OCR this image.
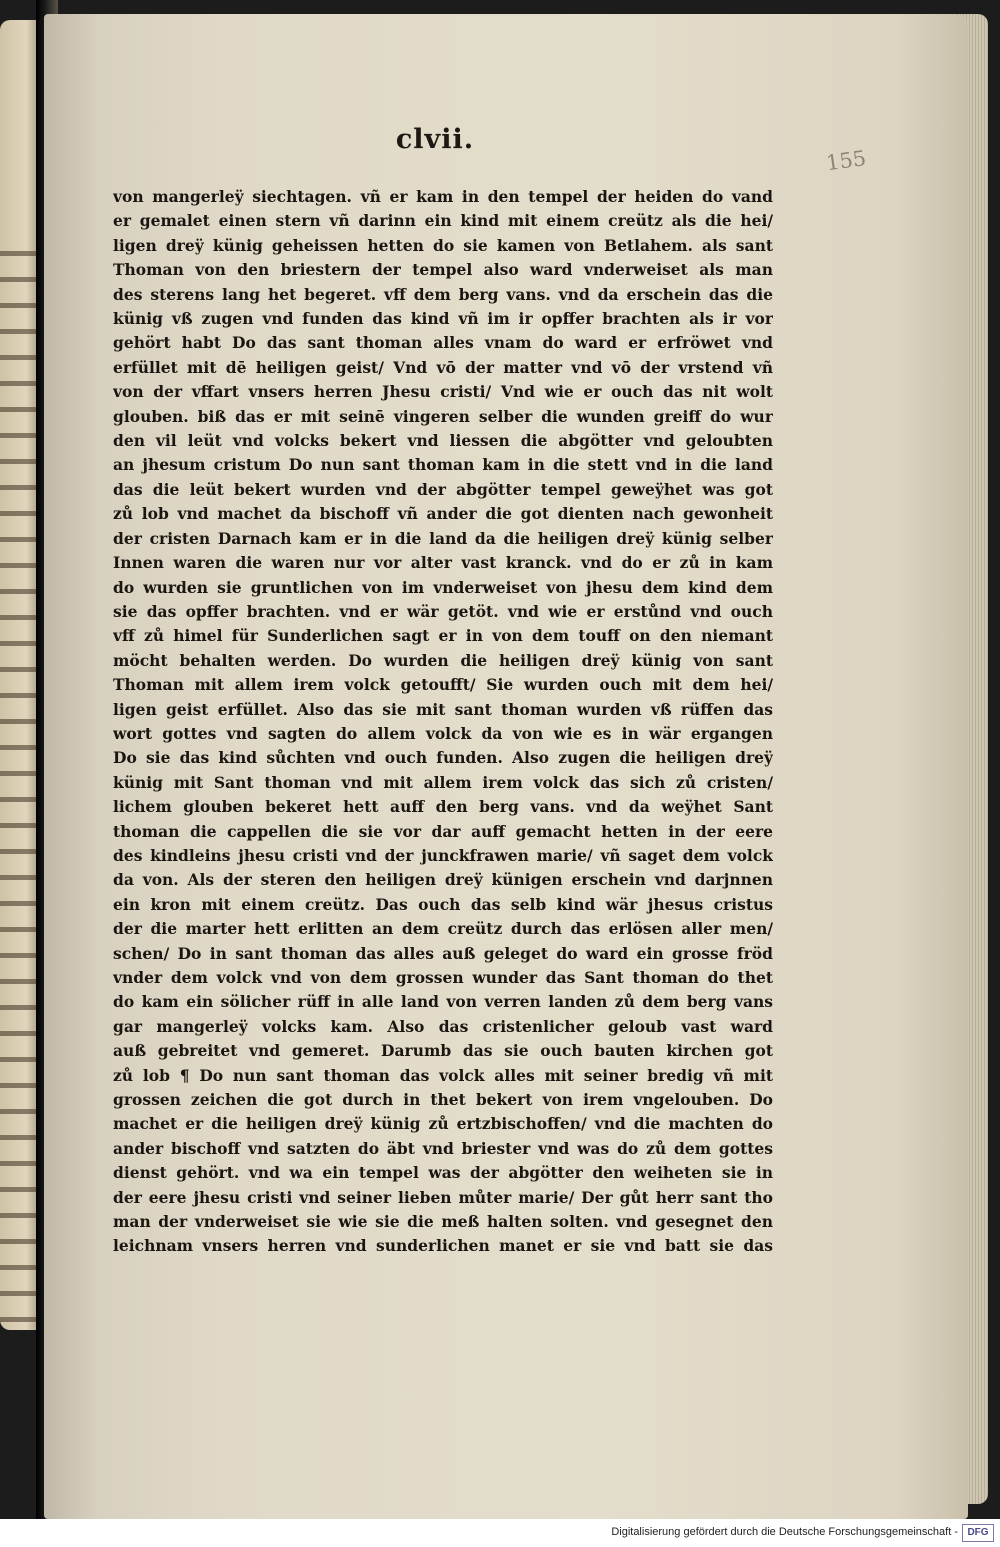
clvii.
155
von mangerleÿ siechtagen. vñ er kam in den tempel der heiden do vand
er gemalet einen stern vñ darinn ein kind mit einem creütz als die hei/
ligen dreÿ künig geheissen hetten do sie kamen von Betlahem. als sant
Thoman von den briestern der tempel also ward vnderweiset als man
des sterens lang het begeret. vff dem berg vans. vnd da erschein das die
künig vß zugen vnd funden das kind vñ im ir opffer brachten als ir vor
gehört habt Do das sant thoman alles vnam do ward er erfröwet vnd
erfüllet mit dē heiligen geist/ Vnd vō der matter vnd vō der vrstend vñ
von der vffart vnsers herren Jhesu cristi/ Vnd wie er ouch das nit wolt
glouben. biß das er mit seinē vingeren selber die wunden greiff do wur
den vil leüt vnd volcks bekert vnd liessen die abgötter vnd geloubten
an jhesum cristum Do nun sant thoman kam in die stett vnd in die land
das die leüt bekert wurden vnd der abgötter tempel geweÿhet was got
zů lob vnd machet da bischoff vñ ander die got dienten nach gewonheit
der cristen Darnach kam er in die land da die heiligen dreÿ künig selber
Innen waren die waren nur vor alter vast kranck. vnd do er zů in kam
do wurden sie gruntlichen von im vnderweiset von jhesu dem kind dem
sie das opffer brachten. vnd er wär getöt. vnd wie er erstůnd vnd ouch
vff zů himel für Sunderlichen sagt er in von dem touff on den niemant
möcht behalten werden. Do wurden die heiligen dreÿ künig von sant
Thoman mit allem irem volck getoufft/ Sie wurden ouch mit dem hei/
ligen geist erfüllet. Also das sie mit sant thoman wurden vß rüffen das
wort gottes vnd sagten do allem volck da von wie es in wär ergangen
Do sie das kind sůchten vnd ouch funden. Also zugen die heiligen dreÿ
künig mit Sant thoman vnd mit allem irem volck das sich zů cristen/
lichem glouben bekeret hett auff den berg vans. vnd da weÿhet Sant
thoman die cappellen die sie vor dar auff gemacht hetten in der eere
des kindleins jhesu cristi vnd der junckfrawen marie/ vñ saget dem volck
da von. Als der steren den heiligen dreÿ künigen erschein vnd darjnnen
ein kron mit einem creütz. Das ouch das selb kind wär jhesus cristus
der die marter hett erlitten an dem creütz durch das erlösen aller men/
schen/ Do in sant thoman das alles auß geleget do ward ein grosse fröd
vnder dem volck vnd von dem grossen wunder das Sant thoman do thet
do kam ein sölicher rüff in alle land von verren landen zů dem berg vans
gar mangerleÿ volcks kam. Also das cristenlicher geloub vast ward
auß gebreitet vnd gemeret. Darumb das sie ouch bauten kirchen got
zů lob ¶ Do nun sant thoman das volck alles mit seiner bredig vñ mit
grossen zeichen die got durch in thet bekert von irem vngelouben. Do
machet er die heiligen dreÿ künig zů ertzbischoffen/ vnd die machten do
ander bischoff vnd satzten do äbt vnd briester vnd was do zů dem gottes
dienst gehört. vnd wa ein tempel was der abgötter den weiheten sie in
der eere jhesu cristi vnd seiner lieben můter marie/ Der gůt herr sant tho
man der vnderweiset sie wie sie die meß halten solten. vnd gesegnet den
leichnam vnsers herren vnd sunderlichen manet er sie vnd batt sie das
Digitalisierung gefördert durch die Deutsche Forschungsgemeinschaft - DFG
